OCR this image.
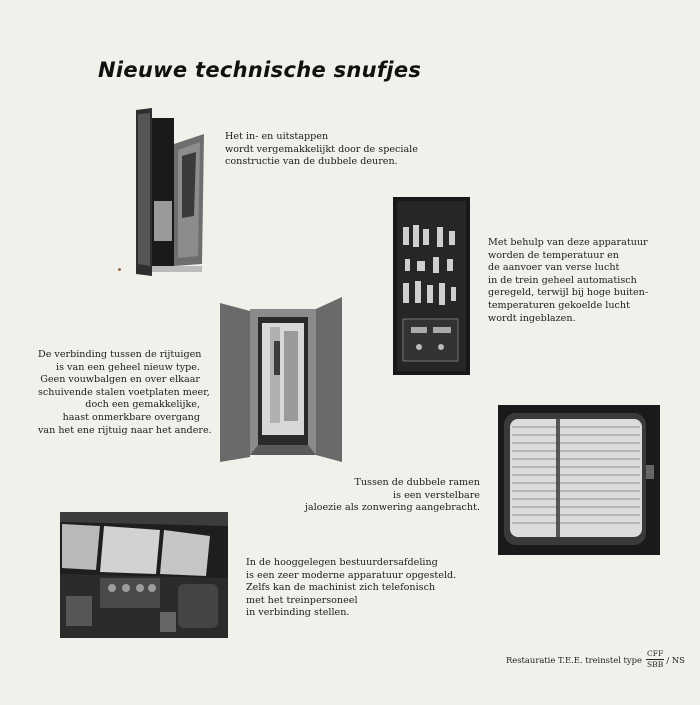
Nieuwe technische snufjes
Het in- en uitstappen
wordt vergemakkelijkt door de speciale
constructie van de dubbele deuren.
Met behulp van deze apparatuur
worden de temperatuur en
de aanvoer van verse lucht
in de trein geheel automatisch
geregeld, terwijl bij hoge buiten-
temperaturen gekoelde lucht
wordt ingeblazen.
De verbinding tussen de rijtuigen
is van een geheel nieuw type.
Geen vouwbalgen en over elkaar
schuivende stalen voetplaten meer,
doch een gemakkelijke,
haast onmerkbare overgang
van het ene rijtuig naar het andere.
Tussen de dubbele ramen
is een verstelbare
jaloezie als zonwering aangebracht.
In de hooggelegen bestuurdersafdeling
is een zeer moderne apparatuur opgesteld.
Zelfs kan de machinist zich telefonisch
met het treinpersoneel
in verbinding stellen.
Restauratie T.E.E. treinstel type $\frac{\text{CFF}}{\text{SBB}}$ / NS
